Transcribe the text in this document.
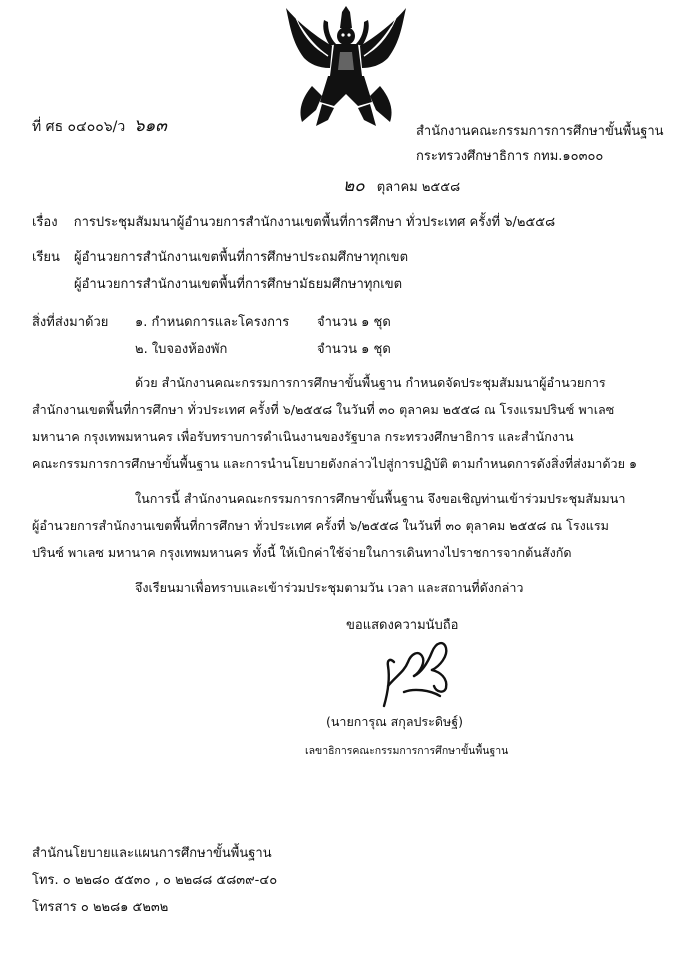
ที่ ศธ ๐๔๐๐๖/ว ๖๑๓	สำนักงานคณะกรรมการการศึกษาขั้นพื้นฐาน
กระทรวงศึกษาธิการ กทม.๑๐๓๐๐
๒๐ ตุลาคม ๒๕๕๘
เรื่อง การประชุมสัมมนาผู้อำนวยการสำนักงานเขตพื้นที่การศึกษา ทั่วประเทศ ครั้งที่ ๖/๒๕๕๘
เรียน ผู้อำนวยการสำนักงานเขตพื้นที่การศึกษาประถมศึกษาทุกเขต
ผู้อำนวยการสำนักงานเขตพื้นที่การศึกษามัธยมศึกษาทุกเขต
สิ่งที่ส่งมาด้วย ๑. กำหนดการและโครงการ จำนวน ๑ ชุด
๒. ใบจองห้องพัก	จำนวน ๑ ชุด
ด้วย สำนักงานคณะกรรมการการศึกษาขั้นพื้นฐาน กำหนดจัดประชุมสัมมนาผู้อำนวยการ
สำนักงานเขตพื้นที่การศึกษา ทั่วประเทศ ครั้งที่ ๖/๒๕๕๘ ในวันที่ ๓๐ ตุลาคม ๒๕๕๘ ณ โรงแรมปรินซ์ พาเลซ
มหานาค กรุงเทพมหานคร เพื่อรับทราบการดำเนินงานของรัฐบาล กระทรวงศึกษาธิการ และสำนักงาน
คณะกรรมการการศึกษาขั้นพื้นฐาน และการนำนโยบายดังกล่าวไปสู่การปฏิบัติ ตามกำหนดการดังสิ่งที่ส่งมาด้วย ๑
ในการนี้ สำนักงานคณะกรรมการการศึกษาขั้นพื้นฐาน จึงขอเชิญท่านเข้าร่วมประชุมสัมมนา
ผู้อำนวยการสำนักงานเขตพื้นที่การศึกษา ทั่วประเทศ ครั้งที่ ๖/๒๕๕๘ ในวันที่ ๓๐ ตุลาคม ๒๕๕๘ ณ โรงแรม
ปรินซ์ พาเลซ มหานาค กรุงเทพมหานคร ทั้งนี้ ให้เบิกค่าใช้จ่ายในการเดินทางไปราชการจากต้นสังกัด
จึงเรียนมาเพื่อทราบและเข้าร่วมประชุมตามวัน เวลา และสถานที่ดังกล่าว
ขอแสดงความนับถือ
(นายการุณ สกุลประดิษฐ์)
เลขาธิการคณะกรรมการการศึกษาขั้นพื้นฐาน
สำนักนโยบายและแผนการศึกษาขั้นพื้นฐาน
โทร. ๐ ๒๒๘๐ ๕๕๓๐ , ๐ ๒๒๘๘ ๕๘๓๙-๔๐
โทรสาร ๐ ๒๒๘๑ ๕๒๓๒
